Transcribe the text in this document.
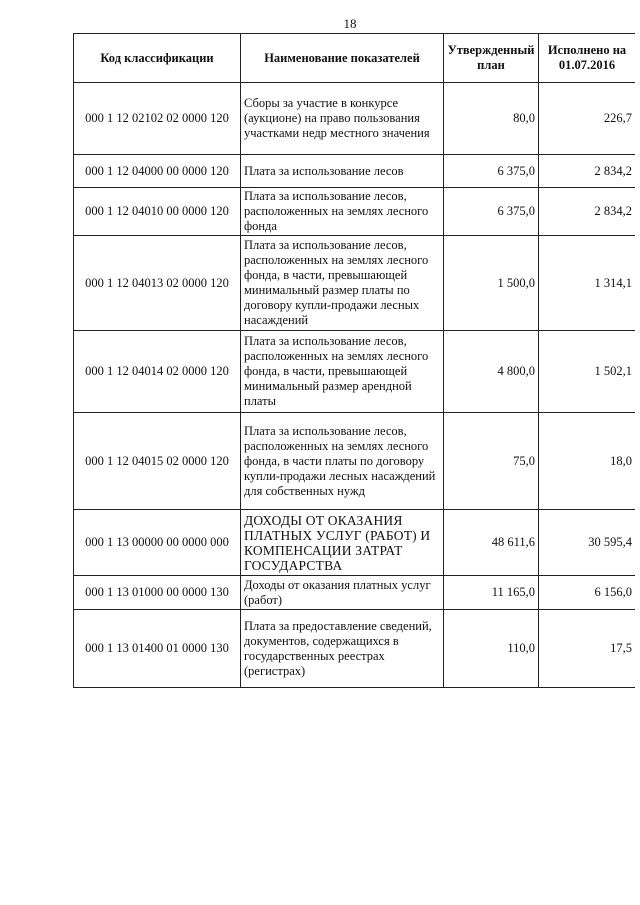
18
Код классификации	Наименование показателей	Утвержденный план	Исполнено на 01.07.2016
000 1 12 02102 02 0000 120	Сборы за участие в конкурсе (аукционе) на право пользования участками недр местного значения	80,0	226,7
000 1 12 04000 00 0000 120	Плата за использование лесов	6 375,0	2 834,2
000 1 12 04010 00 0000 120	Плата за использование лесов, расположенных на землях лесного фонда	6 375,0	2 834,2
000 1 12 04013 02 0000 120	Плата за использование лесов, расположенных на землях лесного фонда, в части, превышающей минимальный размер платы по договору купли-продажи лесных насаждений	1 500,0	1 314,1
000 1 12 04014 02 0000 120	Плата за использование лесов, расположенных на землях лесного фонда, в части, превышающей минимальный размер арендной платы	4 800,0	1 502,1
000 1 12 04015 02 0000 120	Плата за использование лесов, расположенных на землях лесного фонда, в части платы по договору купли-продажи лесных насаждений для собственных нужд	75,0	18,0
000 1 13 00000 00 0000 000	ДОХОДЫ ОТ ОКАЗАНИЯ ПЛАТНЫХ УСЛУГ (РАБОТ) И КОМПЕНСАЦИИ ЗАТРАТ ГОСУДАРСТВА	48 611,6	30 595,4
000 1 13 01000 00 0000 130	Доходы от оказания платных услуг (работ)	11 165,0	6 156,0
000 1 13 01400 01 0000 130	Плата за предоставление сведений, документов, содержащихся в государственных реестрах (регистрах)	110,0	17,5
